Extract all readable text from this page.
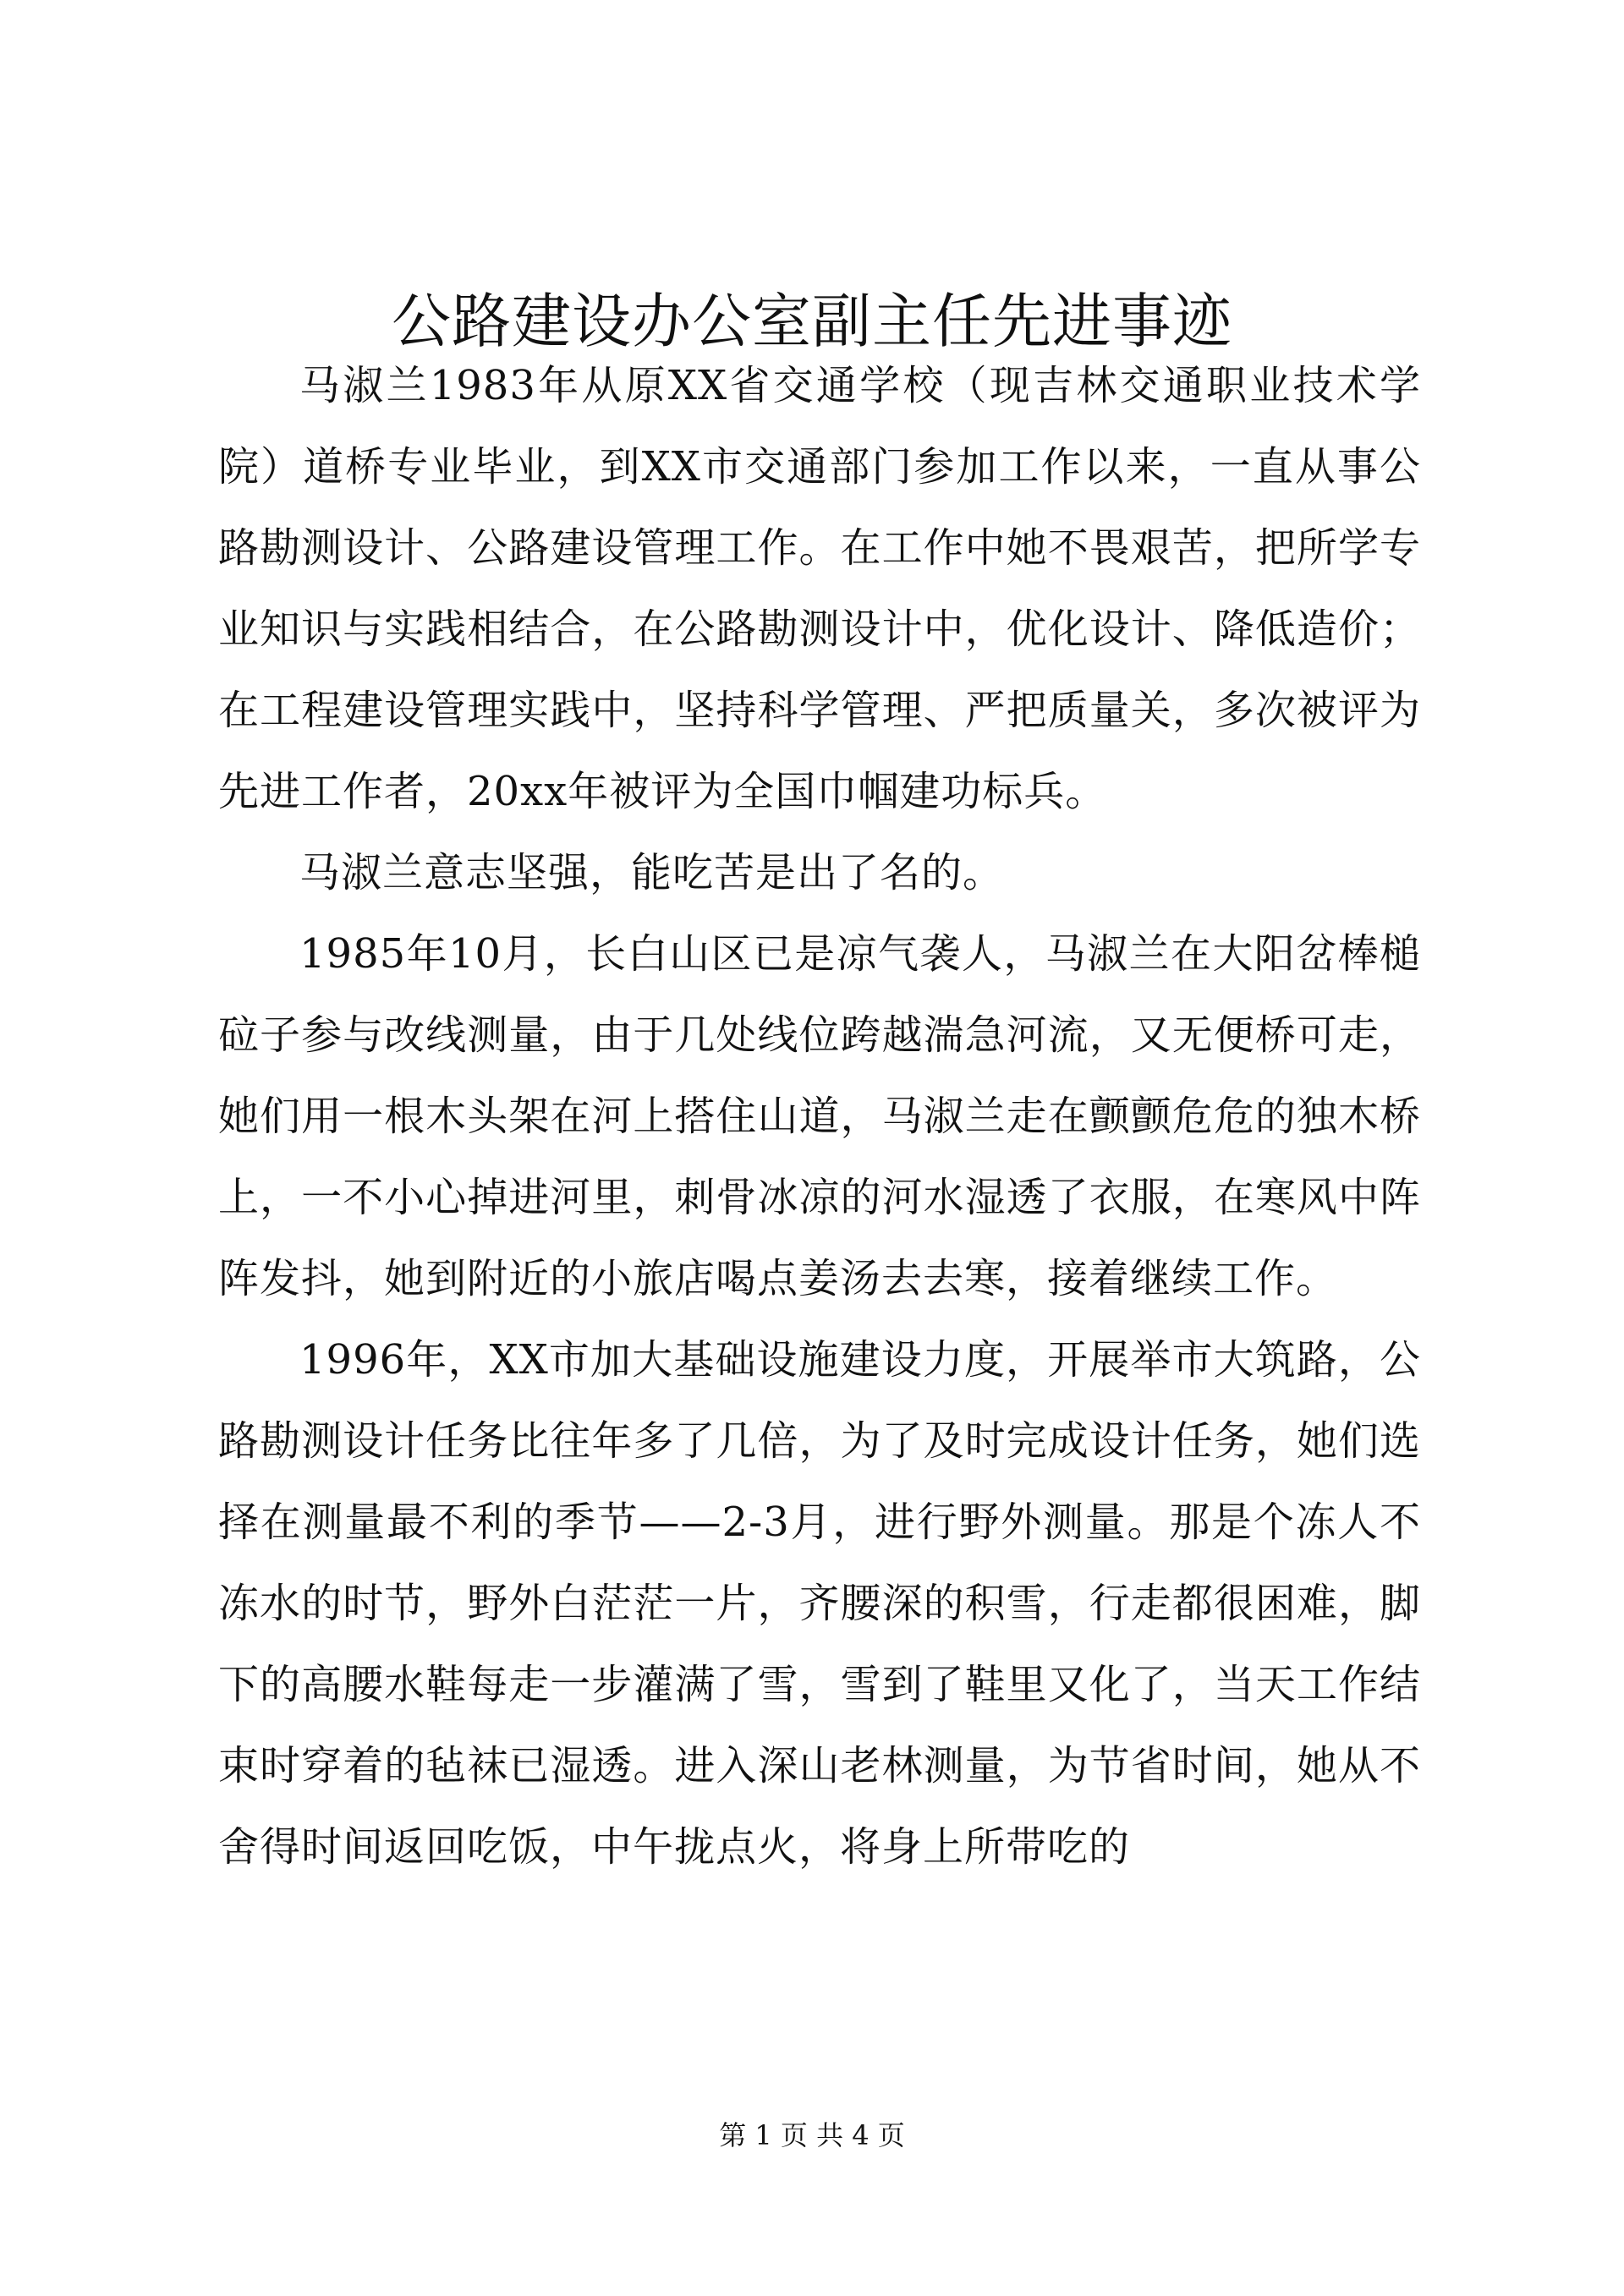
公路建设办公室副主任先进事迹

马淑兰1983年从原XX省交通学校（现吉林交通职业技术学院）道桥专业毕业，到XX市交通部门参加工作以来，一直从事公路勘测设计、公路建设管理工作。在工作中她不畏艰苦，把所学专业知识与实践相结合，在公路勘测设计中，优化设计、降低造价；在工程建设管理实践中，坚持科学管理、严把质量关，多次被评为先进工作者，20xx年被评为全国巾帼建功标兵。

马淑兰意志坚强，能吃苦是出了名的。

1985年10月，长白山区已是凉气袭人，马淑兰在大阳岔棒槌砬子参与改线测量，由于几处线位跨越湍急河流，又无便桥可走，她们用一根木头架在河上搭住山道，马淑兰走在颤颤危危的独木桥上，一不小心掉进河里，刺骨冰凉的河水湿透了衣服，在寒风中阵阵发抖，她到附近的小旅店喝点姜汤去去寒，接着继续工作。

1996年，XX市加大基础设施建设力度，开展举市大筑路，公路勘测设计任务比往年多了几倍，为了及时完成设计任务，她们选择在测量最不利的季节——2-3月，进行野外测量。那是个冻人不冻水的时节，野外白茫茫一片，齐腰深的积雪，行走都很困难，脚下的高腰水鞋每走一步灌满了雪，雪到了鞋里又化了，当天工作结束时穿着的毡袜已湿透。进入深山老林测量，为节省时间，她从不舍得时间返回吃饭，中午拢点火，将身上所带吃的

第 1 页 共 4 页
